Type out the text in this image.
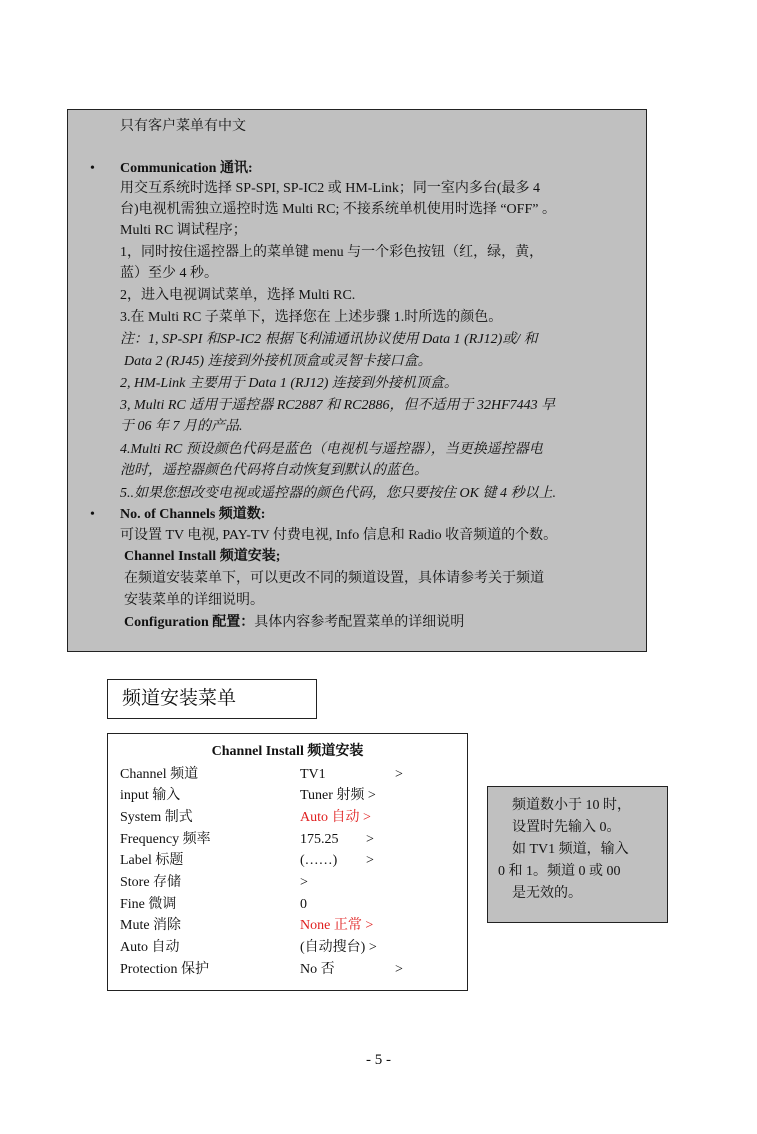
只有客户菜单有中文
• Communication 通讯:
用交互系统时选择 SP-SPI, SP-IC2 或 HM-Link；同一室内多台(最多 4
台)电视机需独立遥控时选 Multi RC; 不接系统单机使用时选择 “OFF” 。
Multi RC 调试程序；
1，同时按住遥控器上的菜单键 menu 与一个彩色按钮（红，绿，黄，
蓝）至少 4 秒。
2，进入电视调试菜单，选择 Multi RC.
3.在 Multi RC 子菜单下，选择您在 上述步骤 1.时所选的颜色。
注：1, SP-SPI 和SP-IC2 根据飞利浦通讯协议使用 Data 1 (RJ12)或/ 和
Data 2 (RJ45) 连接到外接机顶盒或灵智卡接口盒。
2, HM-Link 主要用于 Data 1 (RJ12) 连接到外接机顶盒。
3, Multi RC 适用于遥控器 RC2887 和 RC2886，但不适用于 32HF7443 早
于 06 年 7 月的产品.
4.Multi RC 预设颜色代码是蓝色（电视机与遥控器），当更换遥控器电
池时，遥控器颜色代码将自动恢复到默认的蓝色。
5..如果您想改变电视或遥控器的颜色代码，您只要按住 OK 键 4 秒以上.
• No. of Channels 频道数:
可设置 TV 电视, PAY-TV 付费电视, Info 信息和 Radio 收音频道的个数。
Channel Install 频道安装;
在频道安装菜单下，可以更改不同的频道设置，具体请参考关于频道
安装菜单的详细说明。
Configuration 配置：具体内容参考配置菜单的详细说明
频道安装菜单
Channel Install 频道安装
Channel 频道	TV1	>
input 输入	Tuner 射频 >
System 制式	Auto 自动 >
Frequency 频率	175.25 >
Label 标题	(……) >
Store 存储	>
Fine 微调	0
Mute 消除	None 正常 >
Auto 自动	(自动搜台) >
Protection 保护	No 否	>
频道数小于 10 时，
设置时先输入 0。
如 TV1 频道，输入
0 和 1。频道 0 或 00
是无效的。
- 5 -
